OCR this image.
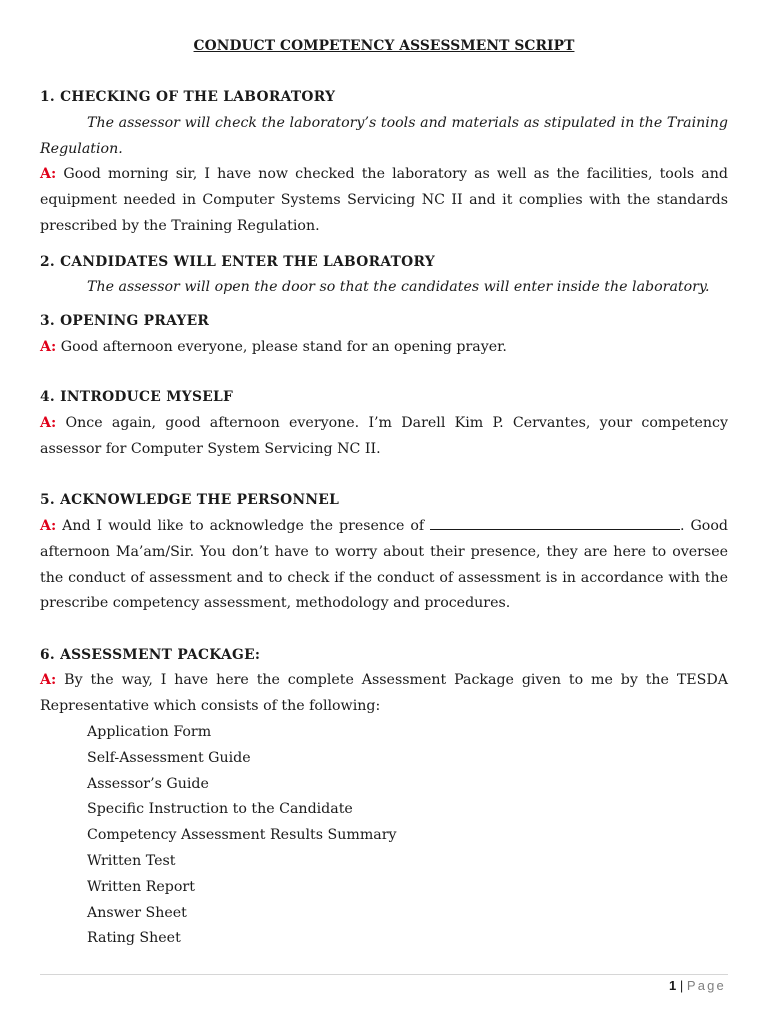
CONDUCT COMPETENCY ASSESSMENT SCRIPT
1. CHECKING OF THE LABORATORY
The assessor will check the laboratory’s tools and materials as stipulated in the Training Regulation.
A: Good morning sir, I have now checked the laboratory as well as the facilities, tools and equipment needed in Computer Systems Servicing NC II and it complies with the standards prescribed by the Training Regulation.
2. CANDIDATES WILL ENTER THE LABORATORY
The assessor will open the door so that the candidates will enter inside the laboratory.
3. OPENING PRAYER
A: Good afternoon everyone, please stand for an opening prayer.
4. INTRODUCE MYSELF
A: Once again, good afternoon everyone. I’m Darell Kim P. Cervantes, your competency assessor for Computer System Servicing NC II.
5. ACKNOWLEDGE THE PERSONNEL
A: And I would like to acknowledge the presence of	. Good afternoon Ma’am/Sir. You don’t have to worry about their presence, they are here to oversee the conduct of assessment and to check if the conduct of assessment is in accordance with the prescribe competency assessment, methodology and procedures.
6. ASSESSMENT PACKAGE:
A: By the way, I have here the complete Assessment Package given to me by the TESDA Representative which consists of the following:
Application Form
Self-Assessment Guide
Assessor’s Guide
Specific Instruction to the Candidate
Competency Assessment Results Summary
Written Test
Written Report
Answer Sheet
Rating Sheet
1 | Page
